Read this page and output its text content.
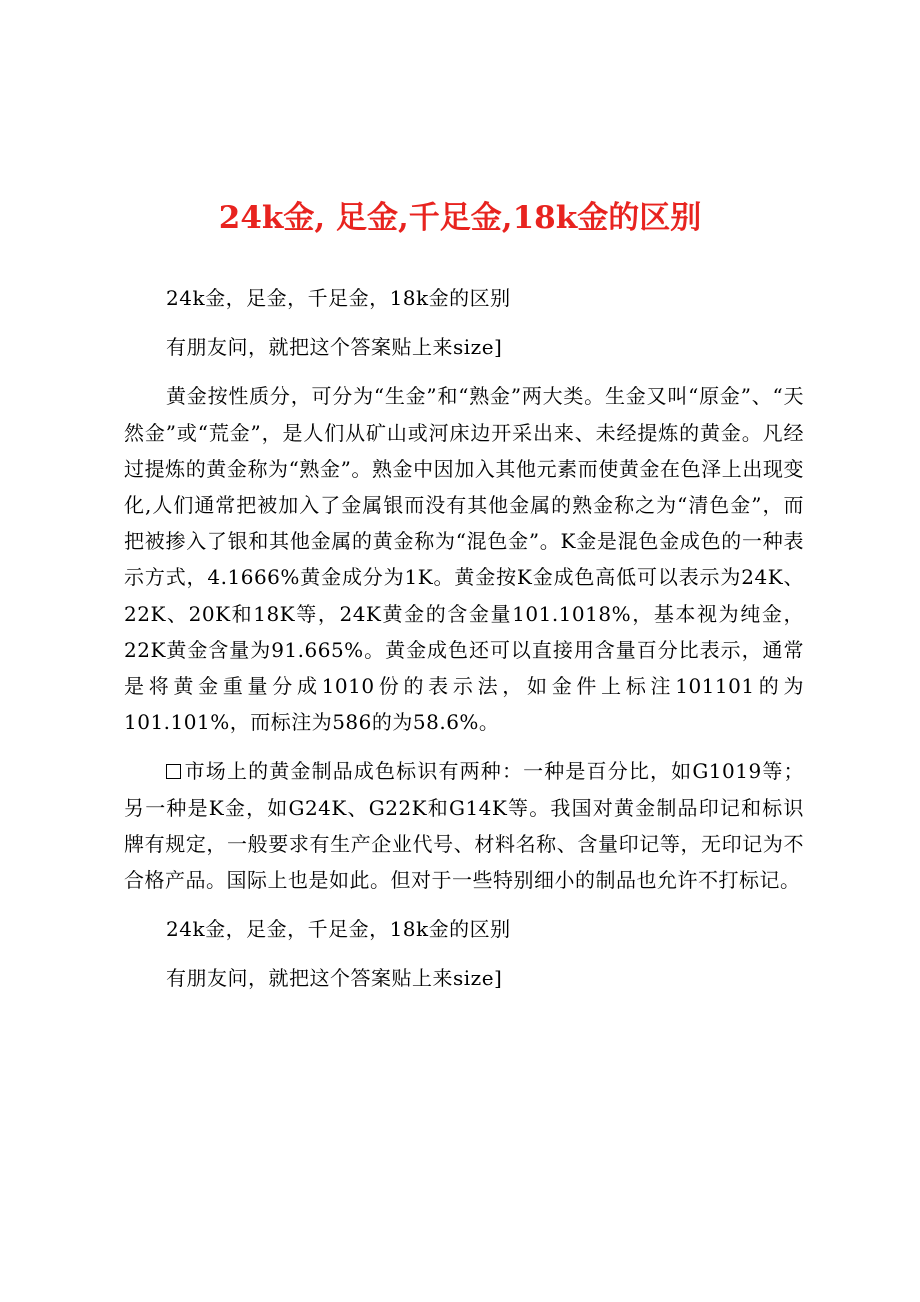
24k金, 足金,千足金,18k金的区别

24k金，足金，千足金，18k金的区别

有朋友问，就把这个答案贴上来size]

黄金按性质分，可分为“生金”和“熟金”两大类。生金又叫“原金”、“天然金”或“荒金”，是人们从矿山或河床边开采出来、未经提炼的黄金。凡经过提炼的黄金称为“熟金”。熟金中因加入其他元素而使黄金在色泽上出现变化,人们通常把被加入了金属银而没有其他金属的熟金称之为“清色金”，而把被掺入了银和其他金属的黄金称为“混色金”。K金是混色金成色的一种表示方式，4.1666%黄金成分为1K。黄金按K金成色高低可以表示为24K、22K、20K和18K等，24K黄金的含金量101.1018%，基本视为纯金，22K黄金含量为91.665%。黄金成色还可以直接用含量百分比表示，通常是将黄金重量分成1010份的表示法，如金件上标注101101的为101.101%，而标注为586的为58.6%。

市场上的黄金制品成色标识有两种：一种是百分比，如G1019等；另一种是K金，如G24K、G22K和G14K等。我国对黄金制品印记和标识牌有规定，一般要求有生产企业代号、材料名称、含量印记等，无印记为不合格产品。国际上也是如此。但对于一些特别细小的制品也允许不打标记。

24k金，足金，千足金，18k金的区别

有朋友问，就把这个答案贴上来size]
